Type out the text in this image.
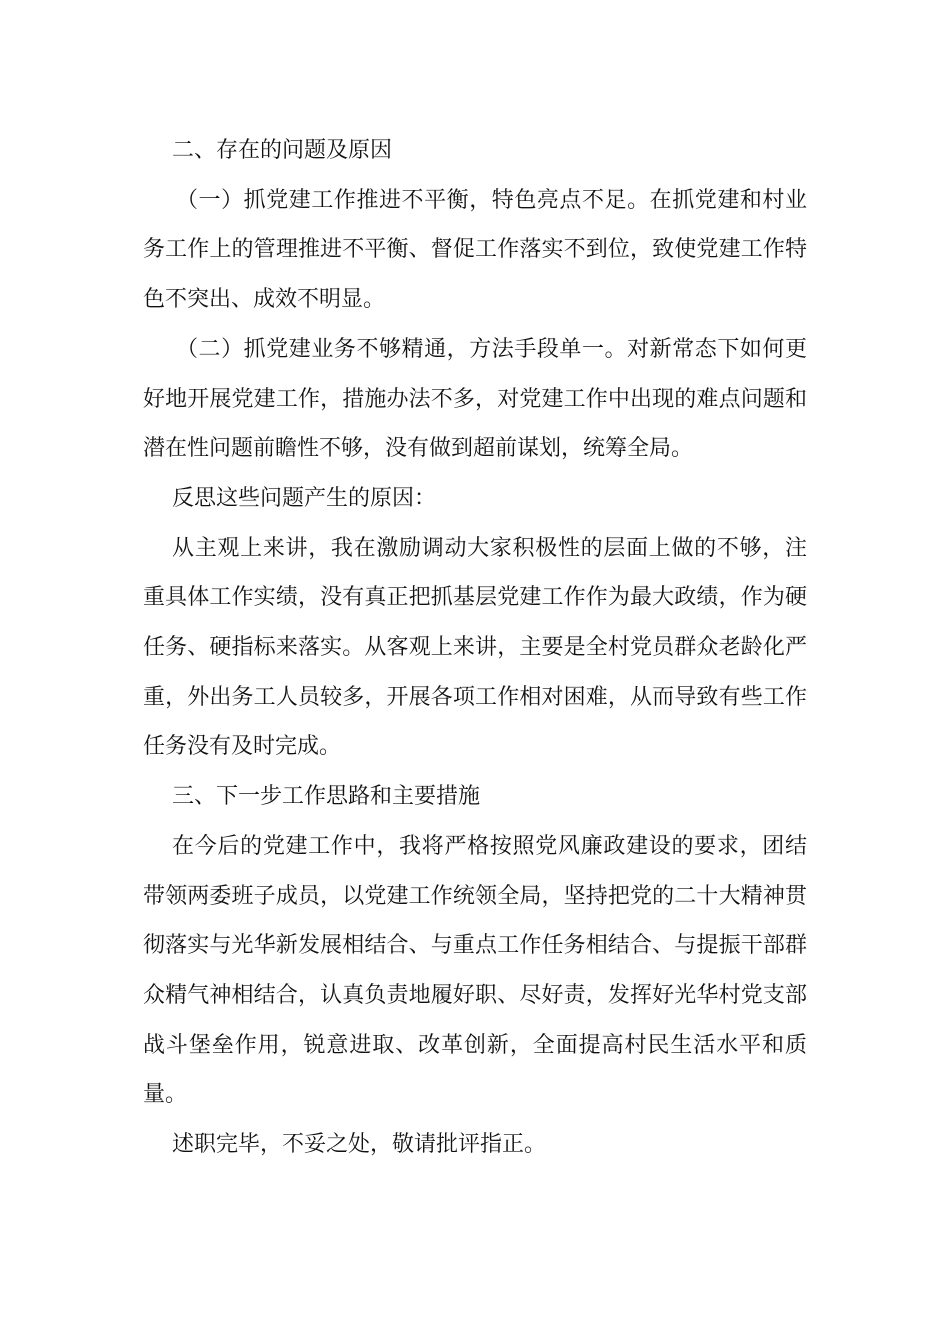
二、存在的问题及原因

（一）抓党建工作推进不平衡，特色亮点不足。在抓党建和村业务工作上的管理推进不平衡、督促工作落实不到位，致使党建工作特色不突出、成效不明显。

（二）抓党建业务不够精通，方法手段单一。对新常态下如何更好地开展党建工作，措施办法不多，对党建工作中出现的难点问题和潜在性问题前瞻性不够，没有做到超前谋划，统筹全局。

反思这些问题产生的原因：

从主观上来讲，我在激励调动大家积极性的层面上做的不够，注重具体工作实绩，没有真正把抓基层党建工作作为最大政绩，作为硬任务、硬指标来落实。从客观上来讲，主要是全村党员群众老龄化严重，外出务工人员较多，开展各项工作相对困难，从而导致有些工作任务没有及时完成。

三、下一步工作思路和主要措施

在今后的党建工作中，我将严格按照党风廉政建设的要求，团结带领两委班子成员，以党建工作统领全局，坚持把党的二十大精神贯彻落实与光华新发展相结合、与重点工作任务相结合、与提振干部群众精气神相结合，认真负责地履好职、尽好责，发挥好光华村党支部战斗堡垒作用，锐意进取、改革创新，全面提高村民生活水平和质量。

述职完毕，不妥之处，敬请批评指正。
